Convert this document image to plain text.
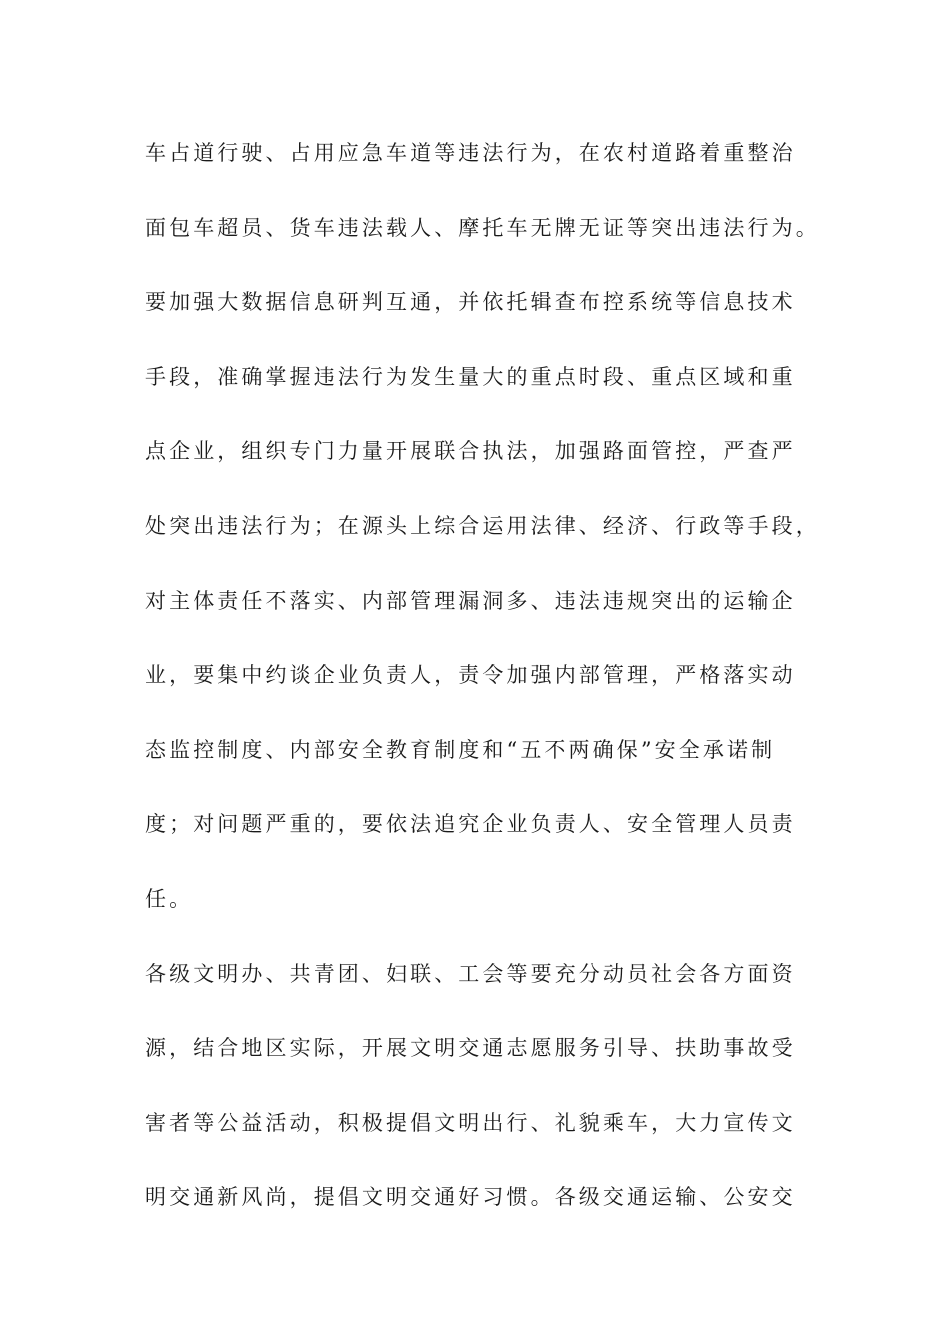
车占道行驶、占用应急车道等违法行为，在农村道路着重整治
面包车超员、货车违法载人、摩托车无牌无证等突出违法行为。
要加强大数据信息研判互通，并依托辑查布控系统等信息技术
手段，准确掌握违法行为发生量大的重点时段、重点区域和重
点企业，组织专门力量开展联合执法，加强路面管控，严查严
处突出违法行为；在源头上综合运用法律、经济、行政等手段，
对主体责任不落实、内部管理漏洞多、违法违规突出的运输企
业，要集中约谈企业负责人，责令加强内部管理，严格落实动
态监控制度、内部安全教育制度和“五不两确保”安全承诺制
度；对问题严重的，要依法追究企业负责人、安全管理人员责
任。
各级文明办、共青团、妇联、工会等要充分动员社会各方面资
源，结合地区实际，开展文明交通志愿服务引导、扶助事故受
害者等公益活动，积极提倡文明出行、礼貌乘车，大力宣传文
明交通新风尚，提倡文明交通好习惯。各级交通运输、公安交
